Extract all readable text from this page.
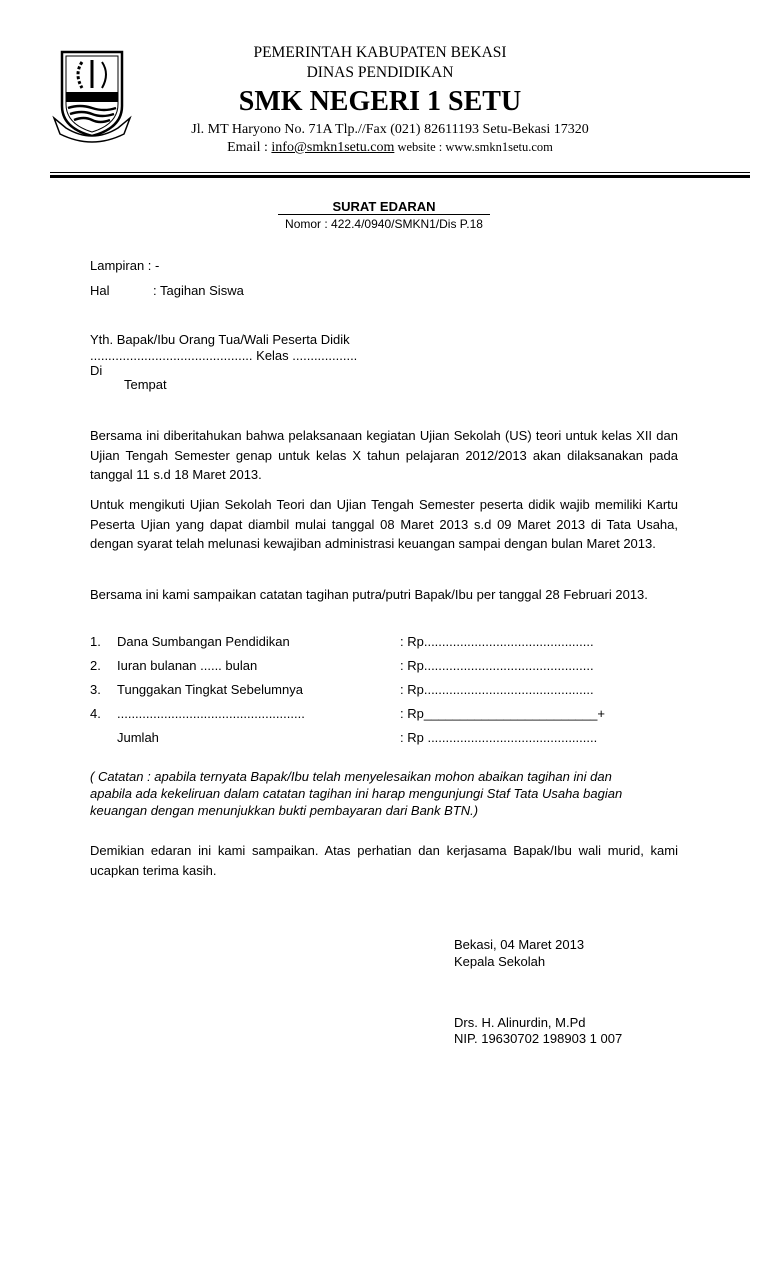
PEMERINTAH KABUPATEN BEKASI
DINAS PENDIDIKAN
SMK NEGERI 1 SETU
Jl. MT Haryono No. 71A Tlp.//Fax (021) 82611193 Setu-Bekasi 17320
Email : info@smkn1setu.com website : www.smkn1setu.com
SURAT EDARAN
Nomor : 422.4/0940/SMKN1/Dis P.18
Lampiran : -
Hal	: Tagihan Siswa
Yth. Bapak/Ibu Orang Tua/Wali Peserta Didik
............................................. Kelas ..................
Di
Tempat
Bersama ini diberitahukan bahwa pelaksanaan kegiatan Ujian Sekolah (US) teori untuk kelas XII dan Ujian Tengah Semester genap untuk kelas X tahun pelajaran 2012/2013 akan dilaksanakan pada tanggal 11 s.d 18 Maret 2013.
Untuk mengikuti Ujian Sekolah Teori dan Ujian Tengah Semester peserta didik wajib memiliki Kartu Peserta Ujian yang dapat diambil mulai tanggal 08 Maret 2013 s.d 09 Maret 2013 di Tata Usaha, dengan syarat telah melunasi kewajiban administrasi keuangan sampai dengan bulan Maret 2013.
Bersama ini kami sampaikan catatan tagihan putra/putri Bapak/Ibu per tanggal 28 Februari 2013.
1. Dana Sumbangan Pendidikan	: Rp...............................................
2. Iuran bulanan ...... bulan	: Rp...............................................
3. Tunggakan Tingkat Sebelumnya	: Rp...............................................
4. ....................................................	: Rp________________________+
Jumlah	: Rp ...............................................
( Catatan : apabila ternyata Bapak/Ibu telah menyelesaikan mohon abaikan tagihan ini dan apabila ada kekeliruan dalam catatan tagihan ini harap mengunjungi Staf Tata Usaha bagian keuangan dengan menunjukkan bukti pembayaran dari Bank BTN.)
Demikian edaran ini kami sampaikan. Atas perhatian dan kerjasama Bapak/Ibu wali murid, kami ucapkan terima kasih.
Bekasi, 04 Maret 2013
Kepala Sekolah
Drs. H. Alinurdin, M.Pd
NIP. 19630702 198903 1 007
